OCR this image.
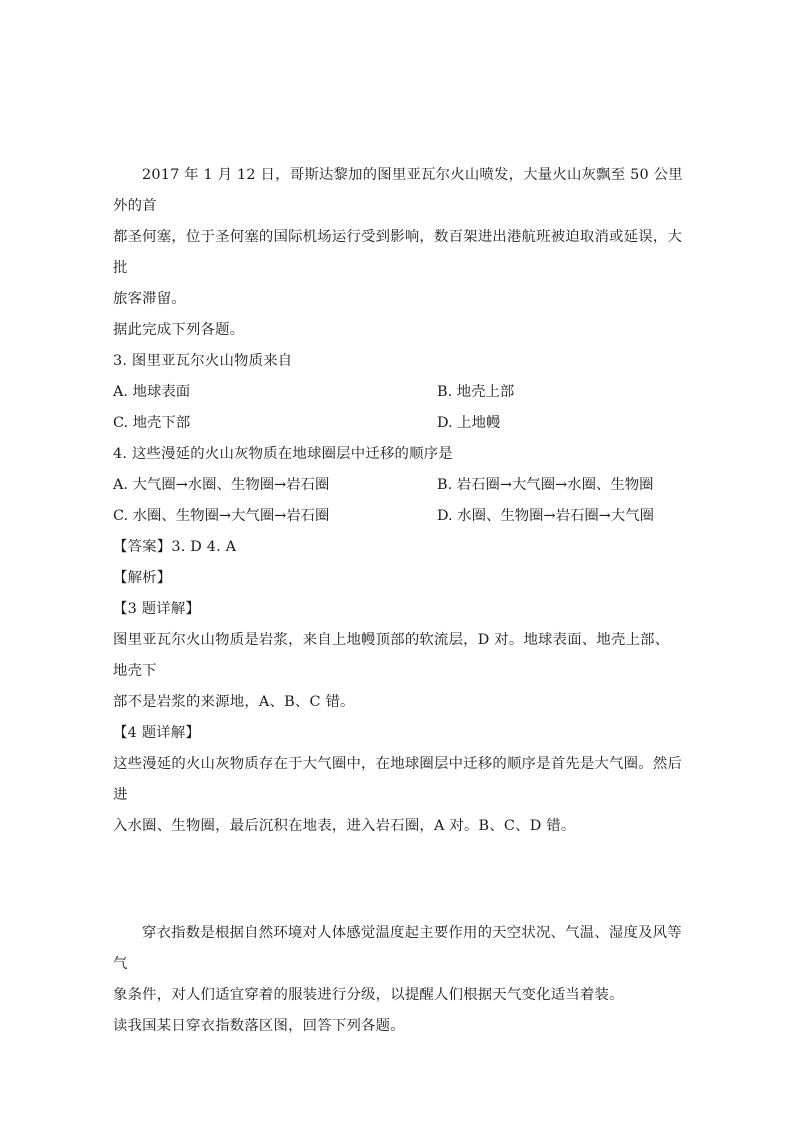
2017 年 1 月 12 日，哥斯达黎加的图里亚瓦尔火山喷发，大量火山灰飘至 50 公里外的首

都圣何塞，位于圣何塞的国际机场运行受到影响，数百架进出港航班被迫取消或延误，大批

旅客滞留。

据此完成下列各题。

3. 图里亚瓦尔火山物质来自

A. 地球表面	B. 地壳上部
C. 地壳下部	D. 上地幔

4. 这些漫延的火山灰物质在地球圈层中迁移的顺序是

A. 大气圈→水圈、生物圈→岩石圈	B. 岩石圈→大气圈→水圈、生物圈
C. 水圈、生物圈→大气圈→岩石圈	D. 水圈、生物圈→岩石圈→大气圈

【答案】3. D 4. A

【解析】

【3 题详解】

图里亚瓦尔火山物质是岩浆，来自上地幔顶部的软流层，D 对。地球表面、地壳上部、地壳下

部不是岩浆的来源地，A、B、C 错。

【4 题详解】

这些漫延的火山灰物质存在于大气圈中，在地球圈层中迁移的顺序是首先是大气圈。然后进

入水圈、生物圈，最后沉积在地表，进入岩石圈，A 对。B、C、D 错。

穿衣指数是根据自然环境对人体感觉温度起主要作用的天空状况、气温、湿度及风等气

象条件，对人们适宜穿着的服装进行分级，以提醒人们根据天气变化适当着装。

读我国某日穿衣指数落区图，回答下列各题。
